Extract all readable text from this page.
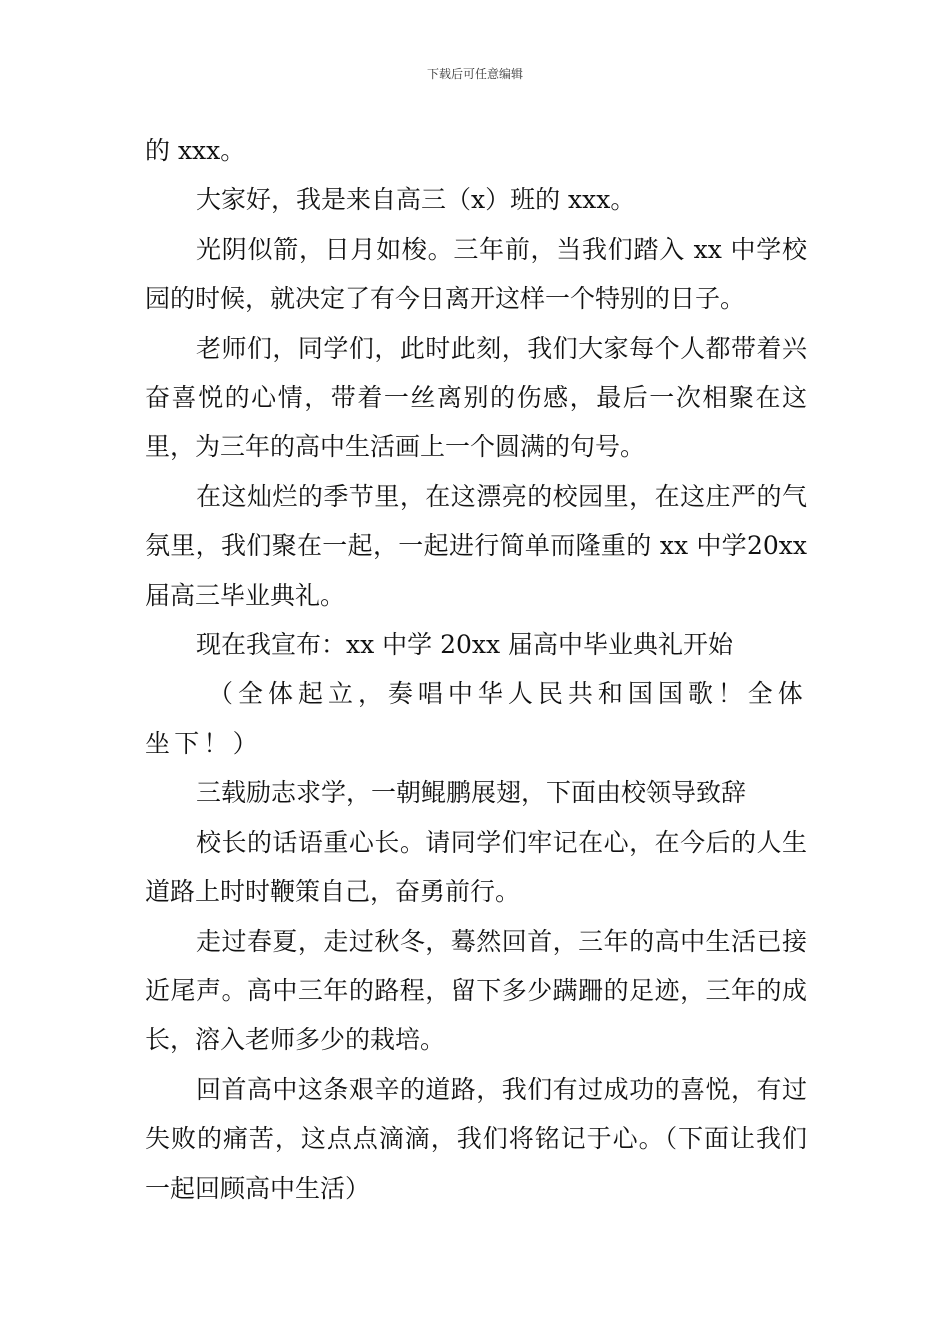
下载后可任意编辑

的 xxx。

大家好，我是来自高三（x）班的 xxx。

光阴似箭，日月如梭。三年前，当我们踏入 xx 中学校园的时候，就决定了有今日离开这样一个特别的日子。

老师们，同学们，此时此刻，我们大家每个人都带着兴奋喜悦的心情，带着一丝离别的伤感，最后一次相聚在这里，为三年的高中生活画上一个圆满的句号。

在这灿烂的季节里，在这漂亮的校园里，在这庄严的气氛里，我们聚在一起，一起进行简单而隆重的 xx 中学20xx 届高三毕业典礼。

现在我宣布：xx 中学 20xx 届高中毕业典礼开始

（全体起立，奏唱中华人民共和国国歌！全体坐下！）

三载励志求学，一朝鲲鹏展翅，下面由校领导致辞

校长的话语重心长。请同学们牢记在心，在今后的人生道路上时时鞭策自己，奋勇前行。

走过春夏，走过秋冬，蓦然回首，三年的高中生活已接近尾声。高中三年的路程，留下多少蹒跚的足迹，三年的成长，溶入老师多少的栽培。

回首高中这条艰辛的道路，我们有过成功的喜悦，有过失败的痛苦，这点点滴滴，我们将铭记于心。（下面让我们一起回顾高中生活）
